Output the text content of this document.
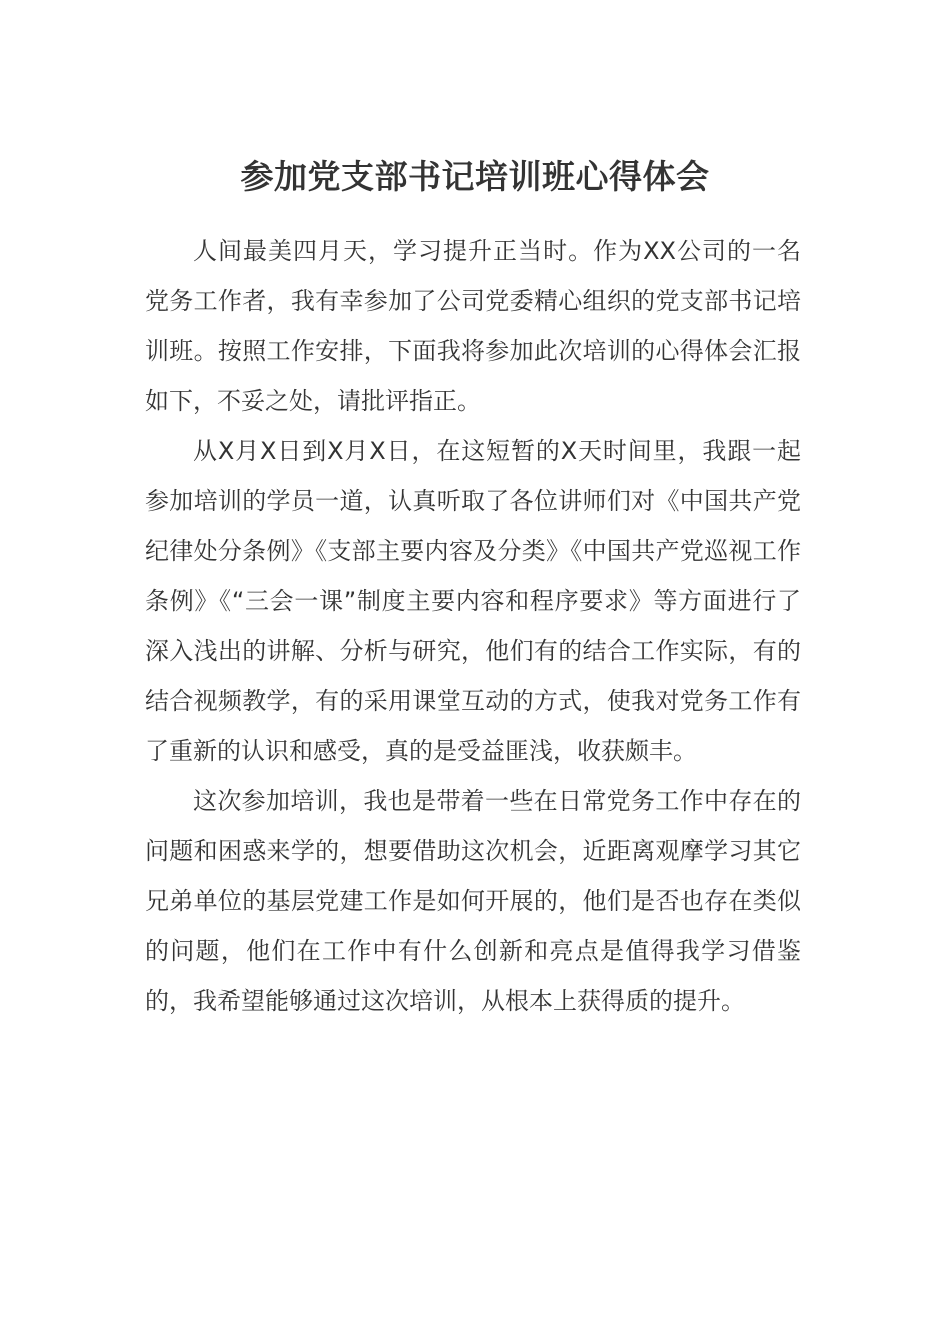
参加党支部书记培训班心得体会

人间最美四月天，学习提升正当时。作为XX公司的一名党务工作者，我有幸参加了公司党委精心组织的党支部书记培训班。按照工作安排，下面我将参加此次培训的心得体会汇报如下，不妥之处，请批评指正。

从X月X日到X月X日，在这短暂的X天时间里，我跟一起参加培训的学员一道，认真听取了各位讲师们对《中国共产党纪律处分条例》《支部主要内容及分类》《中国共产党巡视工作条例》《“三会一课”制度主要内容和程序要求》等方面进行了深入浅出的讲解、分析与研究，他们有的结合工作实际，有的结合视频教学，有的采用课堂互动的方式，使我对党务工作有了重新的认识和感受，真的是受益匪浅，收获颇丰。

这次参加培训，我也是带着一些在日常党务工作中存在的问题和困惑来学的，想要借助这次机会，近距离观摩学习其它兄弟单位的基层党建工作是如何开展的，他们是否也存在类似的问题，他们在工作中有什么创新和亮点是值得我学习借鉴的，我希望能够通过这次培训，从根本上获得质的提升。
